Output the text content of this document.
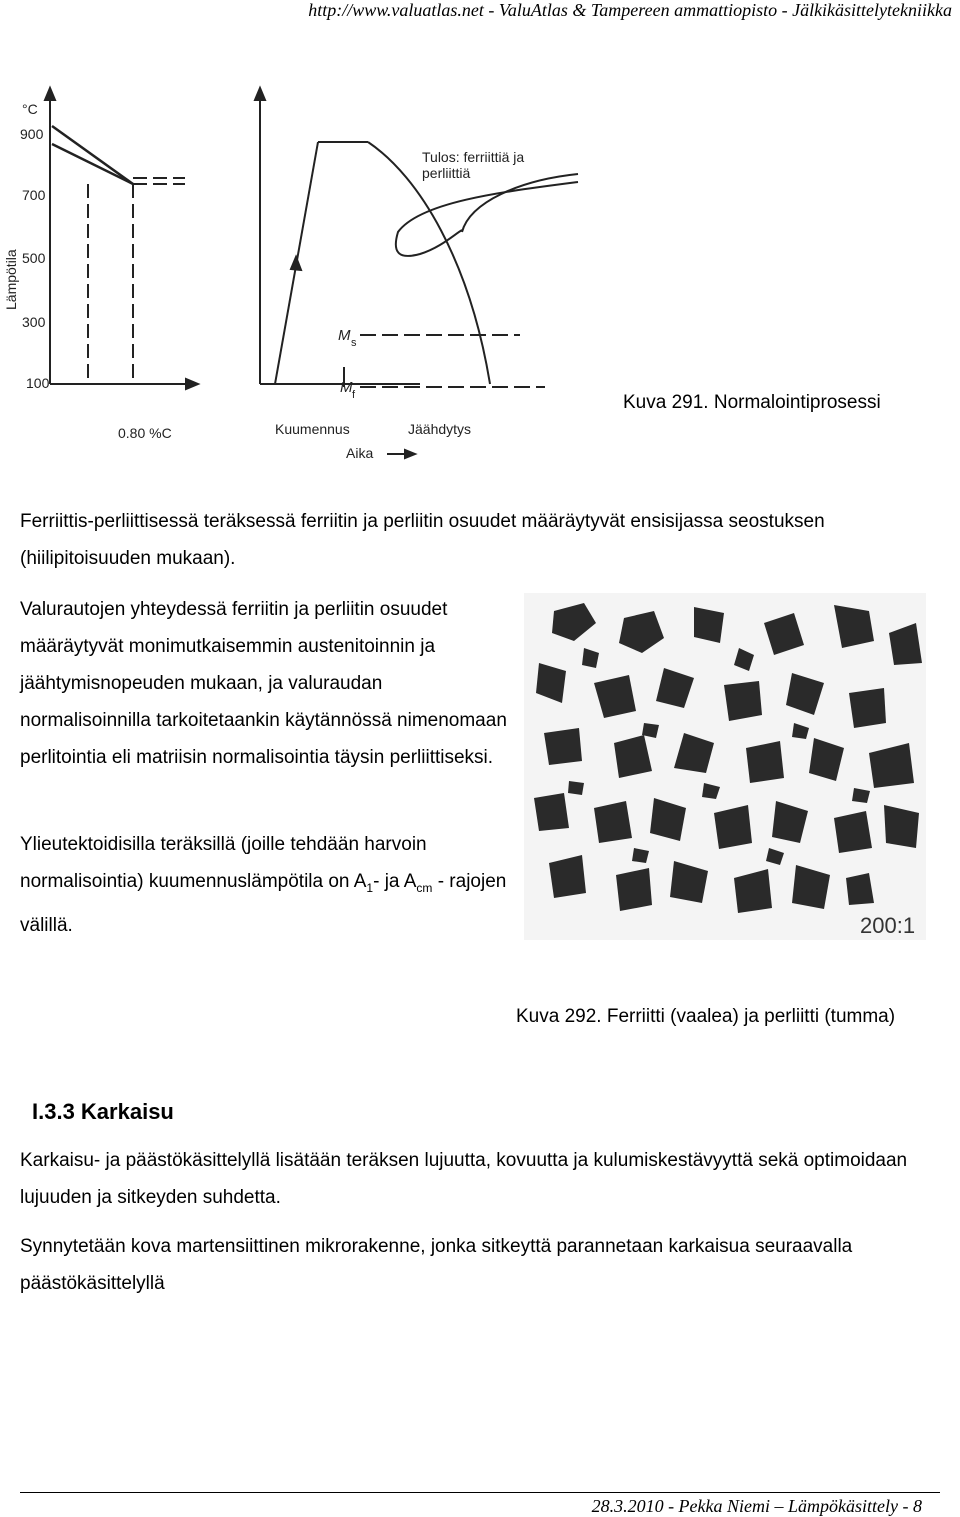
http://www.valuatlas.net - ValuAtlas & Tampereen ammattiopisto - Jälkikäsittelytekniikka
°C
900
700
500
300
100
Lämpötila
0.80 %C	Kuumennus	Jäähdytys
Aika
M s
M f
Tulos: ferriittiä ja
perliittiä
Kuva 291. Normalointiprosessi
Ferriittis-perliittisessä teräksessä ferriitin ja perliitin osuudet määräytyvät ensisijassa seostuksen (hiilipitoisuuden mukaan).
Valurautojen yhteydessä ferriitin ja perliitin osuudet määräytyvät monimutkaisemmin austenitoinnin ja jäähtymisnopeuden mukaan, ja valuraudan normalisoinnilla tarkoitetaankin käytännössä nimenomaan perlitointia eli matriisin normalisointia täysin perliittiseksi.
Ylieutektoidisilla teräksillä (joille tehdään harvoin normalisointia) kuumennuslämpötila on $A_1-$ ja $A_{cm}$ - rajojen välillä.	200:1
Kuva 292. Ferriitti (vaalea) ja perliitti (tumma)
I.3.3 Karkaisu
Karkaisu- ja päästökäsittelyllä lisätään teräksen lujuutta, kovuutta ja kulumiskestävyyttä sekä optimoidaan lujuuden ja sitkeyden suhdetta.
Synnytetään kova martensiittinen mikrorakenne, jonka sitkeyttä parannetaan karkaisua seuraavalla päästökäsittelyllä
28.3.2010 - Pekka Niemi – Lämpökäsittely - 8
